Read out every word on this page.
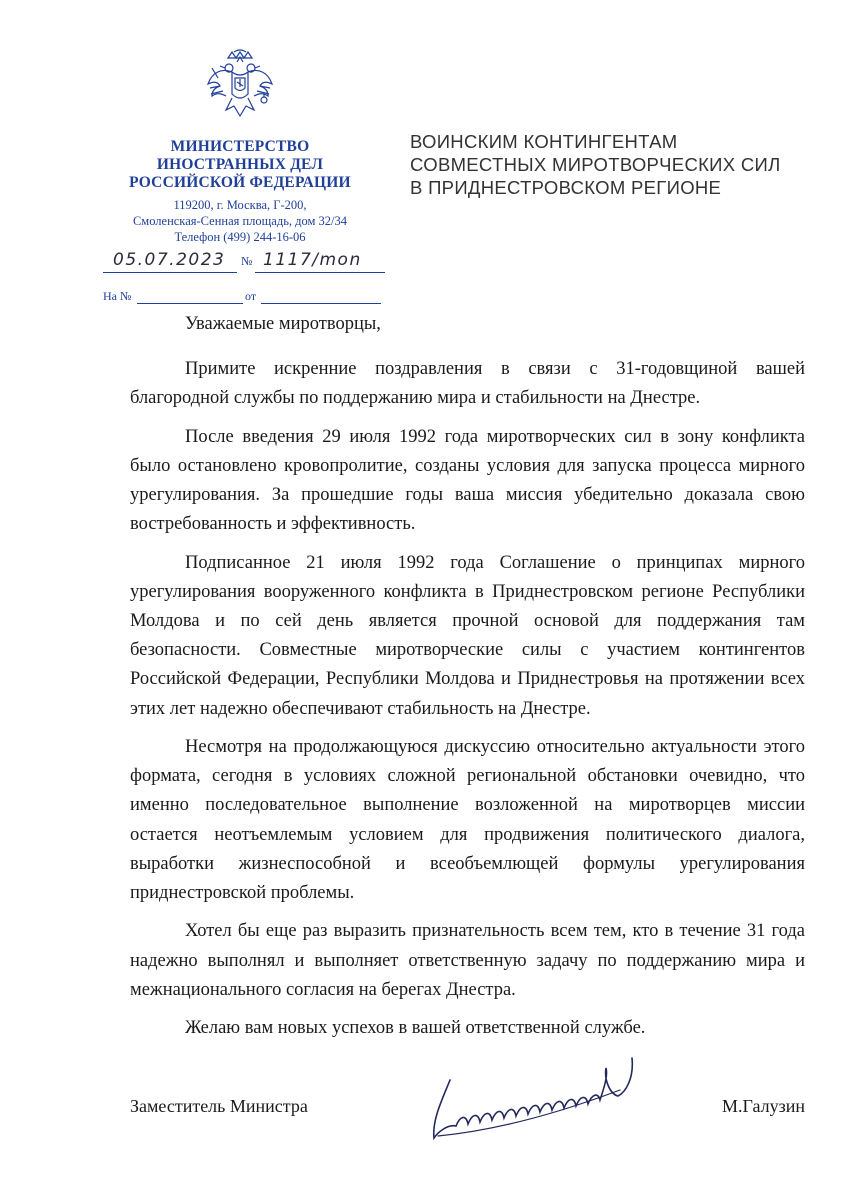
МИНИСТЕРСТВО
ИНОСТРАННЫХ ДЕЛ
РОССИЙСКОЙ ФЕДЕРАЦИИ
119200, г. Москва, Г-200,
Смоленская-Сенная площадь, дом 32/34
Телефон (499) 244-16-06
05.07.2023 № 1117/mon
На №	от
ВОИНСКИМ КОНТИНГЕНТАМ
СОВМЕСТНЫХ МИРОТВОРЧЕСКИХ СИЛ
В ПРИДНЕСТРОВСКОМ РЕГИОНЕ
Уважаемые миротворцы,

Примите искренние поздравления в связи с 31-годовщиной вашей благородной службы по поддержанию мира и стабильности на Днестре.

После введения 29 июля 1992 года миротворческих сил в зону конфликта было остановлено кровопролитие, созданы условия для запуска процесса мирного урегулирования. За прошедшие годы ваша миссия убедительно доказала свою востребованность и эффективность.

Подписанное 21 июля 1992 года Соглашение о принципах мирного урегулирования вооруженного конфликта в Приднестровском регионе Республики Молдова и по сей день является прочной основой для поддержания там безопасности. Совместные миротворческие силы с участием контингентов Российской Федерации, Республики Молдова и Приднестровья на протяжении всех этих лет надежно обеспечивают стабильность на Днестре.

Несмотря на продолжающуюся дискуссию относительно актуальности этого формата, сегодня в условиях сложной региональной обстановки очевидно, что именно последовательное выполнение возложенной на миротворцев миссии остается неотъемлемым условием для продвижения политического диалога, выработки жизнеспособной и всеобъемлющей формулы урегулирования приднестровской проблемы.

Хотел бы еще раз выразить признательность всем тем, кто в течение 31 года надежно выполнял и выполняет ответственную задачу по поддержанию мира и межнационального согласия на берегах Днестра.

Желаю вам новых успехов в вашей ответственной службе.

Заместитель Министра	М.Галузин
